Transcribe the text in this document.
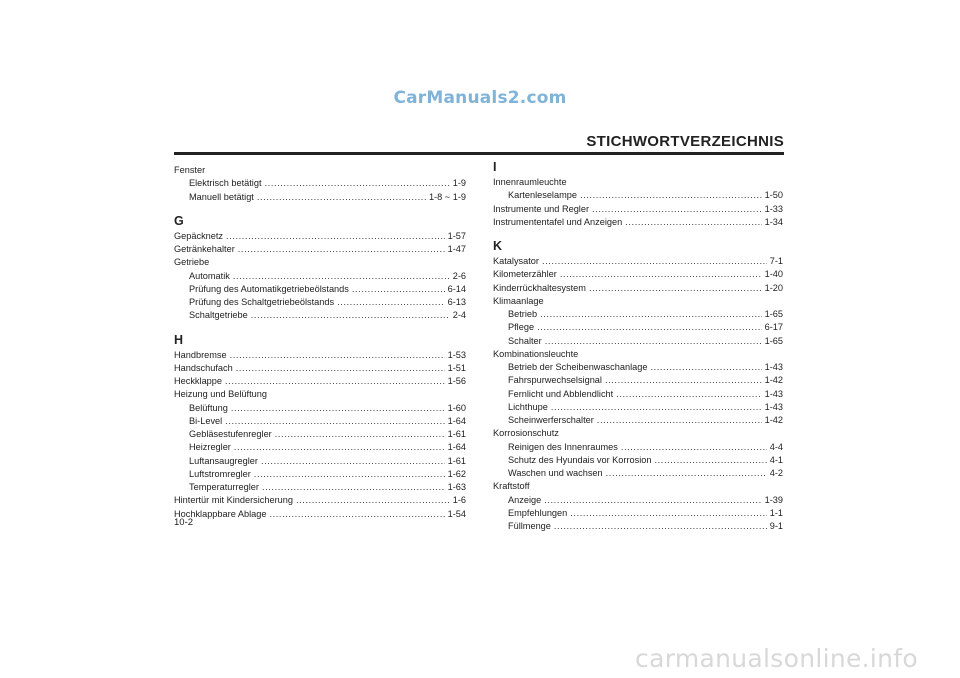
CarManuals2.com
STICHWORTVERZEICHNIS
Fenster
Elektrisch betätigt .....	1-9
Manuell betätigt .....	1-8 ~ 1-9
G
Gepäcknetz .....	1-57
Getränkehalter .....	1-47
Getriebe
Automatik .....	2-6
Prüfung des Automatikgetriebeölstands .....	6-14
Prüfung des Schaltgetriebeölstands .....	6-13
Schaltgetriebe .....	2-4
H
Handbremse .....	1-53
Handschufach .....	1-51
Heckklappe .....	1-56
Heizung und Belüftung
Belüftung .....	1-60
Bi-Level .....	1-64
Gebläsestufenregler .....	1-61
Heizregler .....	1-64
Luftansaugregler .....	1-61
Luftstromregler .....	1-62
Temperaturregler .....	1-63
Hintertür mit Kindersicherung .....	1-6
Hochklappbare Ablage .....	1-54
I
Innenraumleuchte
Kartenleselampe .....	1-50
Instrumente und Regler .....	1-33
Instrumententafel und Anzeigen .....	1-34
K
Katalysator .....	7-1
Kilometerzähler .....	1-40
Kinderrückhaltesystem .....	1-20
Klimaanlage
Betrieb .....	1-65
Pflege .....	6-17
Schalter .....	1-65
Kombinationsleuchte
Betrieb der Scheibenwaschanlage .....	1-43
Fahrspurwechselsignal .....	1-42
Fernlicht und Abblendlicht .....	1-43
Lichthupe .....	1-43
Scheinwerferschalter .....	1-42
Korrosionschutz
Reinigen des Innenraumes .....	4-4
Schutz des Hyundais vor Korrosion .....	4-1
Waschen und wachsen .....	4-2
Kraftstoff
Anzeige .....	1-39
Empfehlungen .....	1-1
Füllmenge .....	9-1
10-2
carmanualsonline.info
